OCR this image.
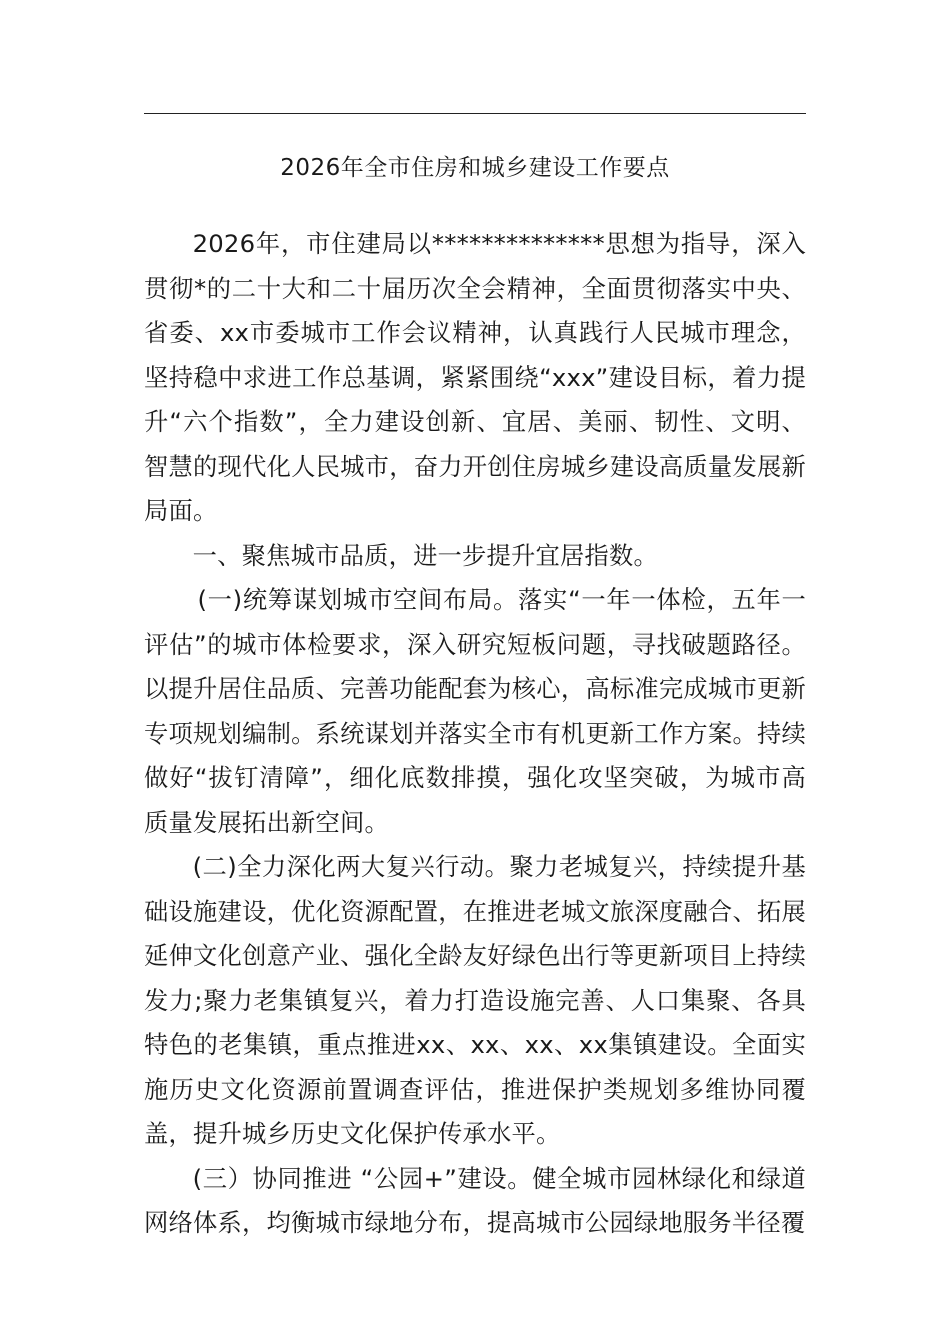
2026年全市住房和城乡建设工作要点

2026年，市住建局以**************思想为指导，深入贯彻*的二十大和二十届历次全会精神，全面贯彻落实中央、省委、xx市委城市工作会议精神，认真践行人民城市理念，坚持稳中求进工作总基调，紧紧围绕“xxx”建设目标，着力提升“六个指数”，全力建设创新、宜居、美丽、韧性、文明、智慧的现代化人民城市，奋力开创住房城乡建设高质量发展新局面。

一、聚焦城市品质，进一步提升宜居指数。

(一)统筹谋划城市空间布局。落实“一年一体检，五年一评估”的城市体检要求，深入研究短板问题，寻找破题路径。以提升居住品质、完善功能配套为核心，高标准完成城市更新专项规划编制。系统谋划并落实全市有机更新工作方案。持续做好“拔钉清障”，细化底数排摸，强化攻坚突破，为城市高质量发展拓出新空间。

(二)全力深化两大复兴行动。聚力老城复兴，持续提升基础设施建设，优化资源配置，在推进老城文旅深度融合、拓展延伸文化创意产业、强化全龄友好绿色出行等更新项目上持续发力;聚力老集镇复兴，着力打造设施完善、人口集聚、各具特色的老集镇，重点推进xx、xx、xx、xx集镇建设。全面实施历史文化资源前置调查评估，推进保护类规划多维协同覆盖，提升城乡历史文化保护传承水平。

(三）协同推进 “公园+”建设。健全城市园林绿化和绿道网络体系，均衡城市绿地分布，提高城市公园绿地服务半径覆
